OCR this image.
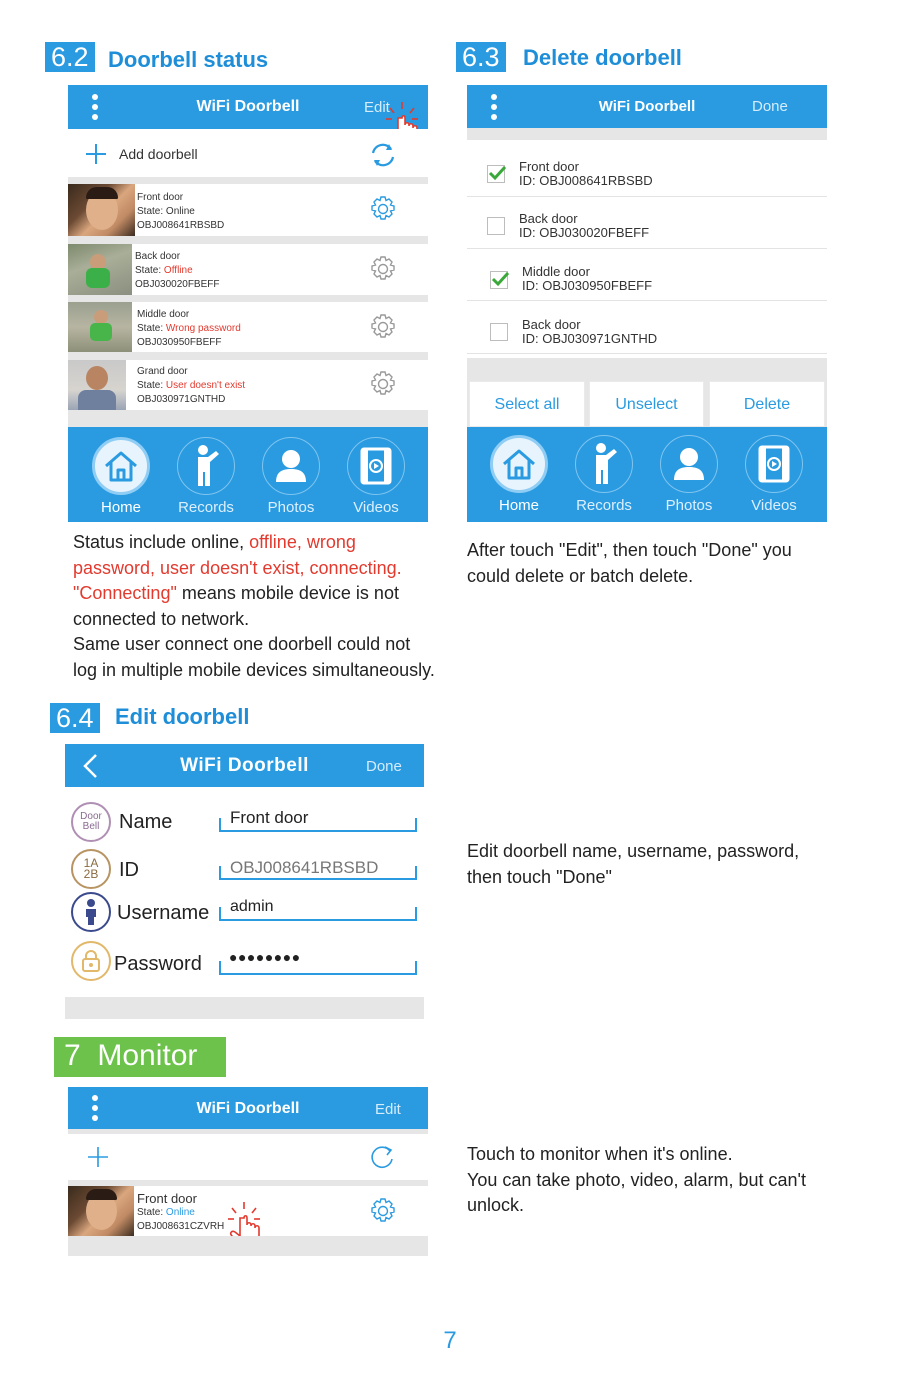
6.2 Doorbell status
WiFi Doorbell	Edit
Add doorbell
Front door
State: Online
OBJ008641RBSBD
Back door
State: Offline
OBJ030020FBEFF
Middle door
State: Wrong password
OBJ030950FBEFF
Grand door
State: User doesn't exist
OBJ030971GNTHD
Home	Records	Photos	Videos
Status include online, offline, wrong
password, user doesn't exist, connecting.
"Connecting" means mobile device is not
connected to network.
Same user connect one doorbell could not
log in multiple mobile devices simultaneously.
6.3 Delete doorbell
WiFi Doorbell	Done
Front door
ID: OBJ008641RBSBD
Back door
ID: OBJ030020FBEFF
Middle door
ID: OBJ030950FBEFF
Back door
ID: OBJ030971GNTHD
Select all	Unselect	Delete
Home	Records	Photos	Videos
After touch "Edit", then touch "Done" you
could delete or batch delete.
6.4 Edit doorbell
WiFi Doorbell	Done
Door Bell Name	Front door
1A 2B ID	OBJ008641RBSBD
Username admin
Password ●●●●●●●●
Edit doorbell name, username, password,
then touch "Done"
7 Monitor
WiFi Doorbell	Edit
Front door
State: Online
OBJ008631CZVRH
Touch to monitor when it's online.
You can take photo, video, alarm, but can't
unlock.
7
